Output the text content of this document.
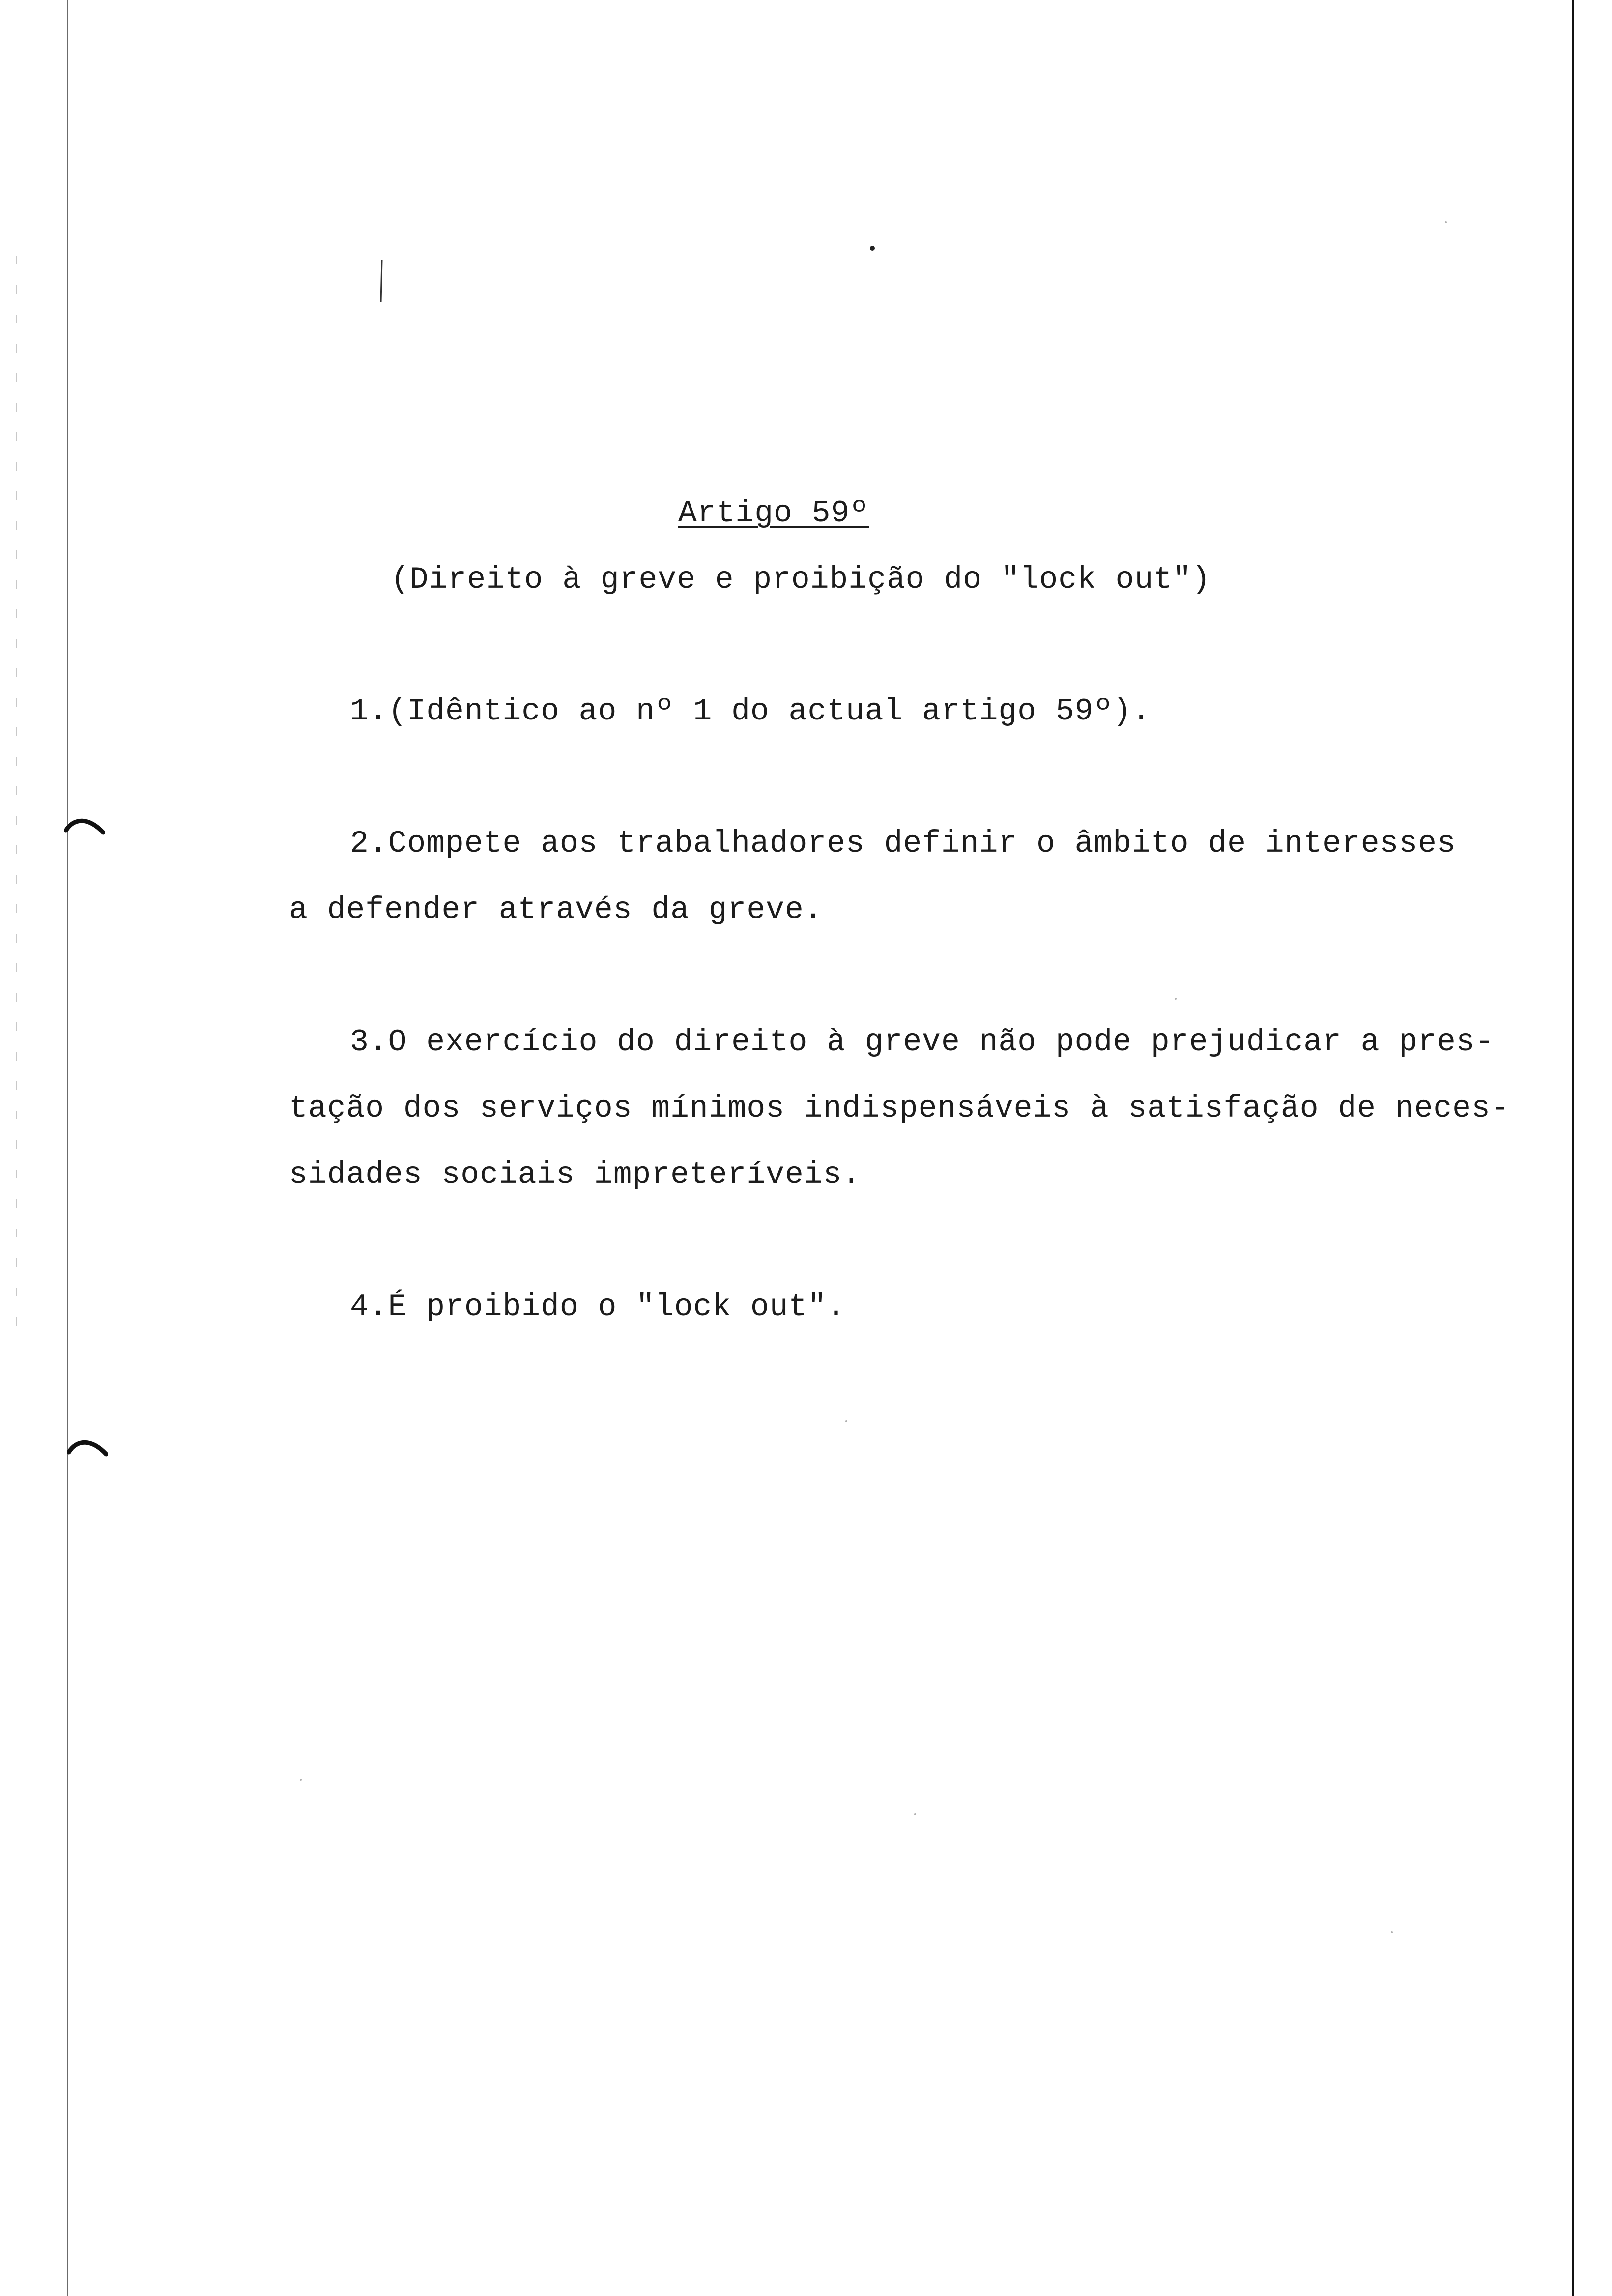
Artigo 59º
(Direito à greve e proibição do "lock out")
1.(Idêntico ao nº 1 do actual artigo 59º).
2.Compete aos trabalhadores definir o âmbito de interesses
a defender através da greve.
3.O exercício do direito à greve não pode prejudicar a pres-
tação dos serviços mínimos indispensáveis à satisfação de neces-
sidades sociais impreteríveis.
4.É proibido o "lock out".
